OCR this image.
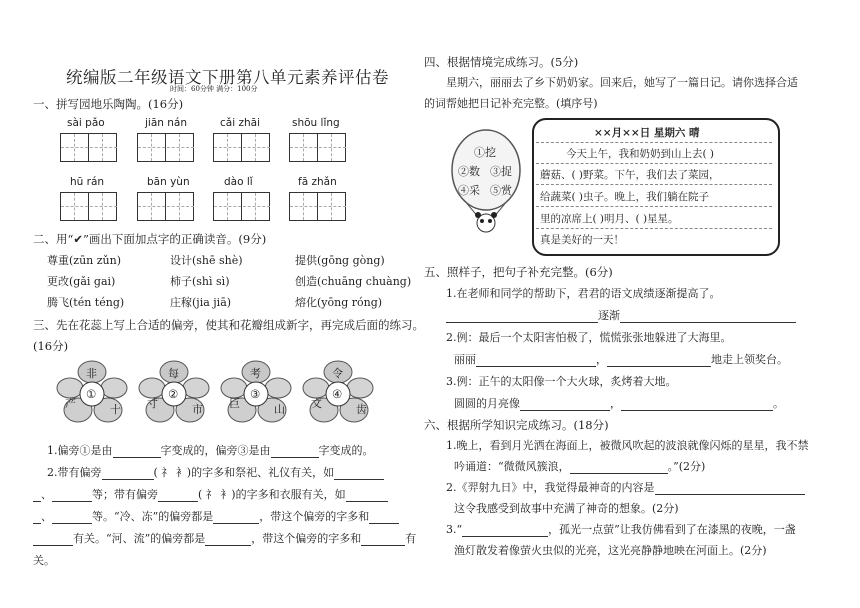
统编版二年级语文下册第八单元素养评估卷
时间：60分钟 满分：100分
一、拼写园地乐陶陶。(16分)
sài pǎo	jiān nán	cǎi zhāi	shōu lǐng
hū rán	bān yùn	dào lǐ	fā zhǎn
二、用“✔”画出下面加点字的正确读音。(9分)
尊重(zūn zǔn)	设计(shē shè)	提供(gōng gòng)
更改(gǎi gai)	柿子(shì sì)	创造(chuāng chuàng)
腾飞(tén téng)	庄稼(jia jiā)	熔化(yōng róng)
三、先在花蕊上写上合适的偏旁，使其和花瓣组成新字，再完成后面的练习。
(16分)
非
产	十
①
每
寸	市
②
考
巨	山
③
令
文	齿
④
1.偏旁①是由	字变成的，偏旁③是由	字变成的。
2.带有偏旁	( 礻 衤)的字多和祭祀、礼仪有关，如
、	等；带有偏旁	( 礻 衤)的字多和衣服有关，如
、	等。“冷、冻”的偏旁都是	，带这个偏旁的字多和
有关。“河、流”的偏旁都是	，带这个偏旁的字多和	有
关。
四、根据情境完成练习。(5分)
星期六，丽丽去了乡下奶奶家。回来后，她写了一篇日记。请你选择合适
的词帮她把日记补充完整。(填序号)
①挖
②数 ③捉
④采 ⑤赏
××月××日 星期六 晴
今天上午，我和奶奶到山上去( )
蘑菇、( )野菜。下午，我们去了菜园，
给蔬菜( )虫子。晚上，我们躺在院子
里的凉席上( )明月、( )星星。
真是美好的一天！
五、照样子，把句子补充完整。(6分)
1.在老师和同学的帮助下，君君的语文成绩逐渐提高了。
逐渐
2.例：最后一个太阳害怕极了，慌慌张张地躲进了大海里。
丽丽	，	地走上领奖台。
3.例：正午的太阳像一个大火球，炙烤着大地。
圆圆的月亮像	，	。
六、根据所学知识完成练习。(18分)
1.晚上，看到月光洒在海面上，被微风吹起的波浪就像闪烁的星星，我不禁
吟诵道：“微微风簇浪，	。”(2分)
2.《羿射九日》中，我觉得最神奇的内容是
这令我感受到故事中充满了神奇的想象。(2分)
3.“	，孤光一点萤”让我仿佛看到了在漆黑的夜晚，一盏
渔灯散发着像萤火虫似的光亮，这光亮静静地映在河面上。(2分)
